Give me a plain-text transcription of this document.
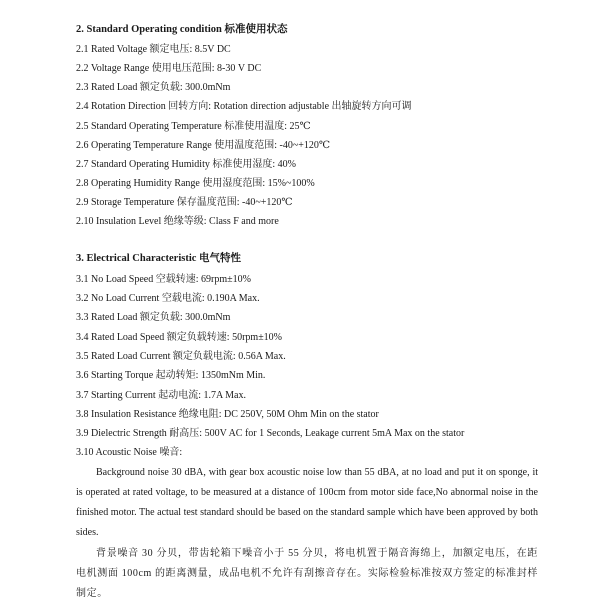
2. Standard Operating condition 标准使用状态
2.1 Rated Voltage 额定电压: 8.5V DC
2.2 Voltage Range 使用电压范围: 8-30 V DC
2.3 Rated Load 额定负载: 300.0mNm
2.4 Rotation Direction 回转方向: Rotation direction adjustable 出轴旋转方向可调
2.5 Standard Operating Temperature 标准使用温度: 25℃
2.6 Operating Temperature Range 使用温度范围: -40~+120℃
2.7 Standard Operating Humidity 标准使用湿度: 40%
2.8 Operating Humidity Range 使用湿度范围: 15%~100%
2.9 Storage Temperature 保存温度范围: -40~+120℃
2.10 Insulation Level 绝缘等级: Class F and more
3. Electrical Characteristic 电气特性
3.1 No Load Speed 空载转速: 69rpm±10%
3.2 No Load Current 空载电流: 0.190A Max.
3.3 Rated Load 额定负载: 300.0mNm
3.4 Rated Load Speed 额定负载转速: 50rpm±10%
3.5 Rated Load Current 额定负载电流: 0.56A Max.
3.6 Starting Torque 起动转矩: 1350mNm Min.
3.7 Starting Current 起动电流: 1.7A Max.
3.8 Insulation Resistance 绝缘电阻: DC 250V, 50M Ohm Min on the stator
3.9 Dielectric Strength 耐高压: 500V AC for 1 Seconds, Leakage current 5mA Max on the stator
3.10 Acoustic Noise 噪音:
Background noise 30 dBA, with gear box acoustic noise low than 55 dBA, at no load and put it on sponge, it is operated at rated voltage, to be measured at a distance of 100cm from motor side face,No abnormal noise in the finished motor. The actual test standard should be based on the standard sample which have been approved by both sides.
背景噪音 30 分贝，带齿轮箱下噪音小于 55 分贝，将电机置于隔音海绵上，加额定电压，在距电机测面 100cm 的距离测量，成品电机不允许有刮擦音存在。实际检验标准按双方签定的标准封样制定。
